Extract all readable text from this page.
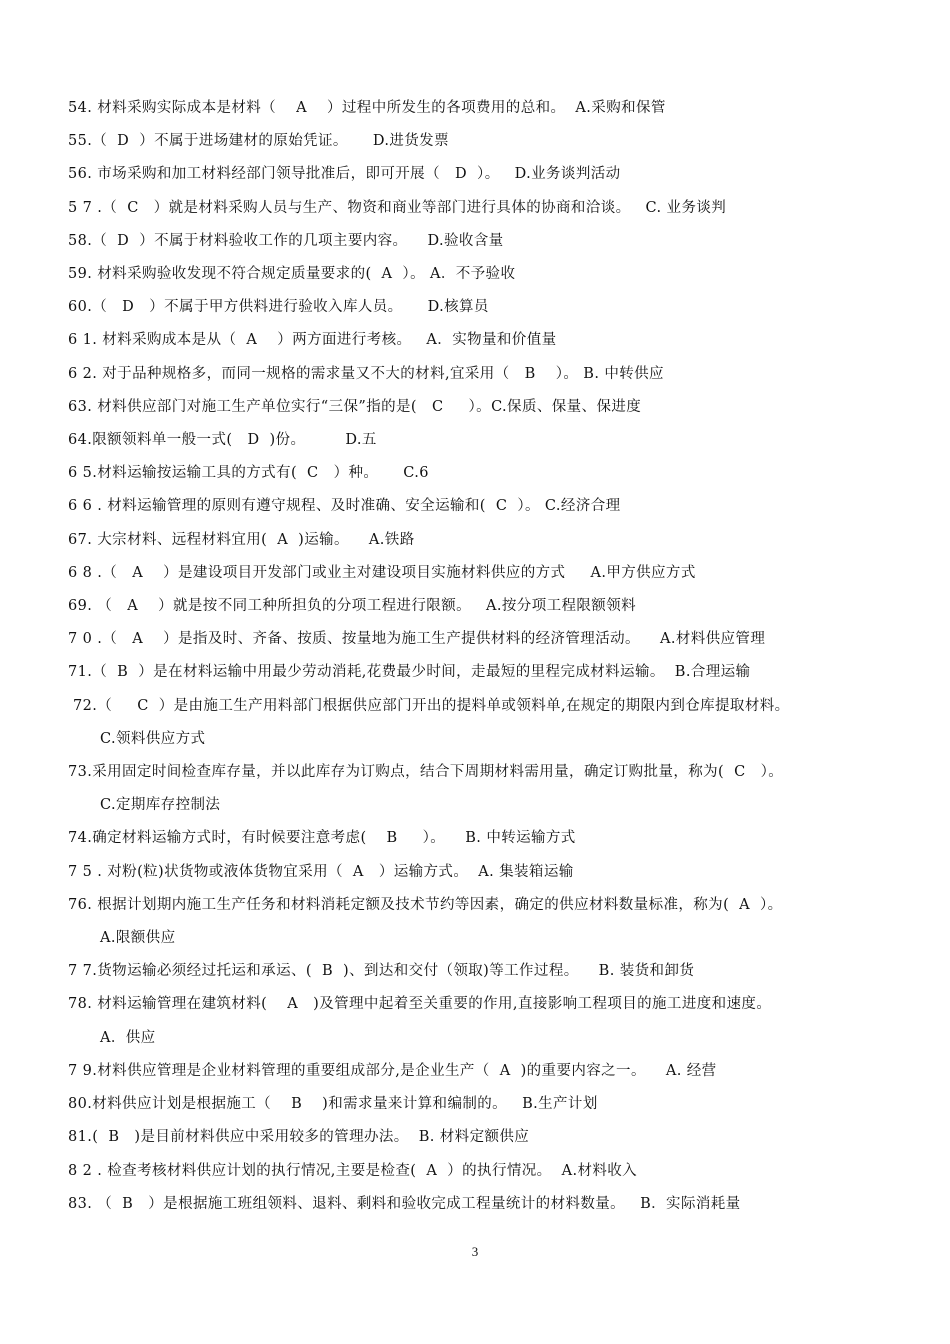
54. 材料采购实际成本是材料（    A    ）过程中所发生的各项费用的总和。  A.采购和保管
55.（  D  ）不属于进场建材的原始凭证。     D.进货发票
56. 市场采购和加工材料经部门领导批准后，即可开展（   D  ）。   D.业务谈判活动
5 7 .（  C   ）就是材料采购人员与生产、物资和商业等部门进行具体的协商和洽谈。   C. 业务谈判
58.（  D  ）不属于材料验收工作的几项主要内容。    D.验收含量
59. 材料采购验收发现不符合规定质量要求的(  A  ）。 A．不予验收
60.（   D   ）不属于甲方供料进行验收入库人员。     D.核算员
6 1. 材料采购成本是从（  A    ）两方面进行考核。   A．实物量和价值量
6 2. 对于品种规格多，而同一规格的需求量又不大的材料,宜采用（   B    ）。 B. 中转供应
63. 材料供应部门对施工生产单位实行“三保”指的是(   C     ）。C.保质、保量、保进度
64.限额领料单一般一式(   D  )份。        D.五
6 5.材料运输按运输工具的方式有(  C   ）种。     C.6
6 6 . 材料运输管理的原则有遵守规程、及时准确、安全运输和(  C  ）。 C.经济合理
67. 大宗材料、远程材料宜用(  A  )运输。    A.铁路
6 8 .（   A    ）是建设项目开发部门或业主对建设项目实施材料供应的方式     A.甲方供应方式
69. （   A    ）就是按不同工种所担负的分项工程进行限额。   A.按分项工程限额领料
7 0 .（   A    ）是指及时、齐备、按质、按量地为施工生产提供材料的经济管理活动。    A.材料供应管理
71.（  B  ）是在材料运输中用最少劳动消耗,花费最少时间，走最短的里程完成材料运输。  B.合理运输
72.（     C  ）是由施工生产用料部门根据供应部门开出的提料单或领料单,在规定的期限内到仓库提取材料。
C.领料供应方式
73.采用固定时间检查库存量，并以此库存为订购点，结合下周期材料需用量，确定订购批量，称为(  C   ）。
C.定期库存控制法
74.确定材料运输方式时，有时候要注意考虑(    B     ）。    B. 中转运输方式
7 5 . 对粉(粒)状货物或液体货物宜采用（  A   ）运输方式。  A. 集装箱运输
76. 根据计划期内施工生产任务和材料消耗定额及技术节约等因素，确定的供应材料数量标准，称为(  A  ）。
A.限额供应
7 7.货物运输必须经过托运和承运、(  B  )、到达和交付（领取)等工作过程。    B. 装货和卸货
78. 材料运输管理在建筑材料(    A   )及管理中起着至关重要的作用,直接影响工程项目的施工进度和速度。
A．供应
7 9.材料供应管理是企业材料管理的重要组成部分,是企业生产（  A  )的重要内容之一。    A. 经营
80.材料供应计划是根据施工（    B    )和需求量来计算和编制的。   B.生产计划
81.(  B   )是目前材料供应中采用较多的管理办法。  B. 材料定额供应
8 2 . 检查考核材料供应计划的执行情况,主要是检查(  A  ）的执行情况。  A.材料收入
83. （  B   ）是根据施工班组领料、退料、剩料和验收完成工程量统计的材料数量。   B．实际消耗量
3
